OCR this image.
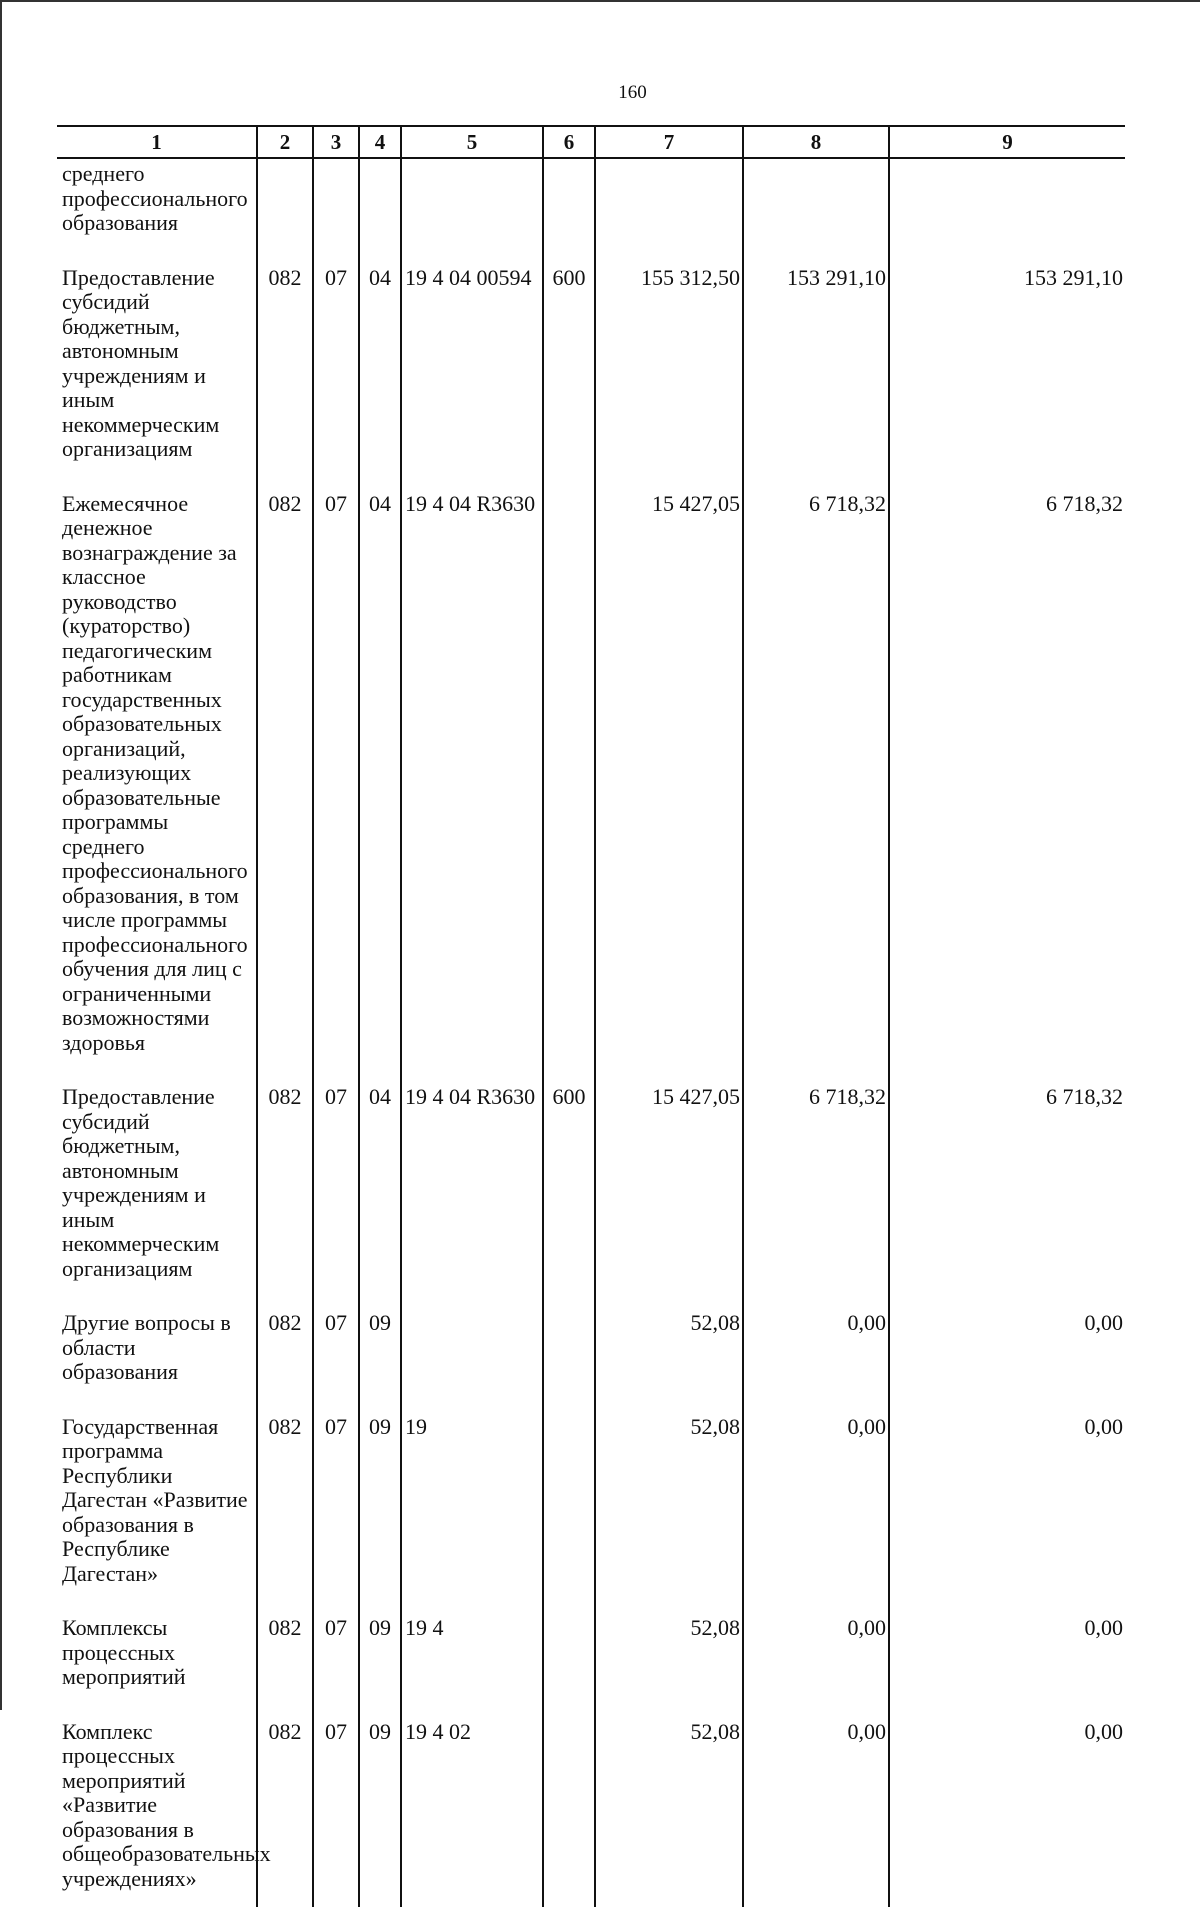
160
1	2	3	4	5	6	7	8	9

среднего профессионального образования								

Предоставление субсидий бюджетным, автономным учреждениям и иным некоммерческим организациям	082	07	04	19 4 04 00594	600	155 312,50	153 291,10	153 291,10

Ежемесячное денежное вознаграждение за классное руководство (кураторство) педагогическим работникам государственных образовательных организаций, реализующих образовательные программы среднего профессионального образования, в том числе программы профессионального обучения для лиц с ограниченными возможностями здоровья	082	07	04	19 4 04 R3630		15 427,05	6 718,32	6 718,32

Предоставление субсидий бюджетным, автономным учреждениям и иным некоммерческим организациям	082	07	04	19 4 04 R3630	600	15 427,05	6 718,32	6 718,32

Другие вопросы в области образования	082	07	09			52,08	0,00	0,00

Государственная программа Республики Дагестан «Развитие образования в Республике Дагестан»	082	07	09	19		52,08	0,00	0,00

Комплексы процессных мероприятий	082	07	09	19 4		52,08	0,00	0,00

Комплекс процессных мероприятий «Развитие образования в общеобразовательных учреждениях»	082	07	09	19 4 02		52,08	0,00	0,00
